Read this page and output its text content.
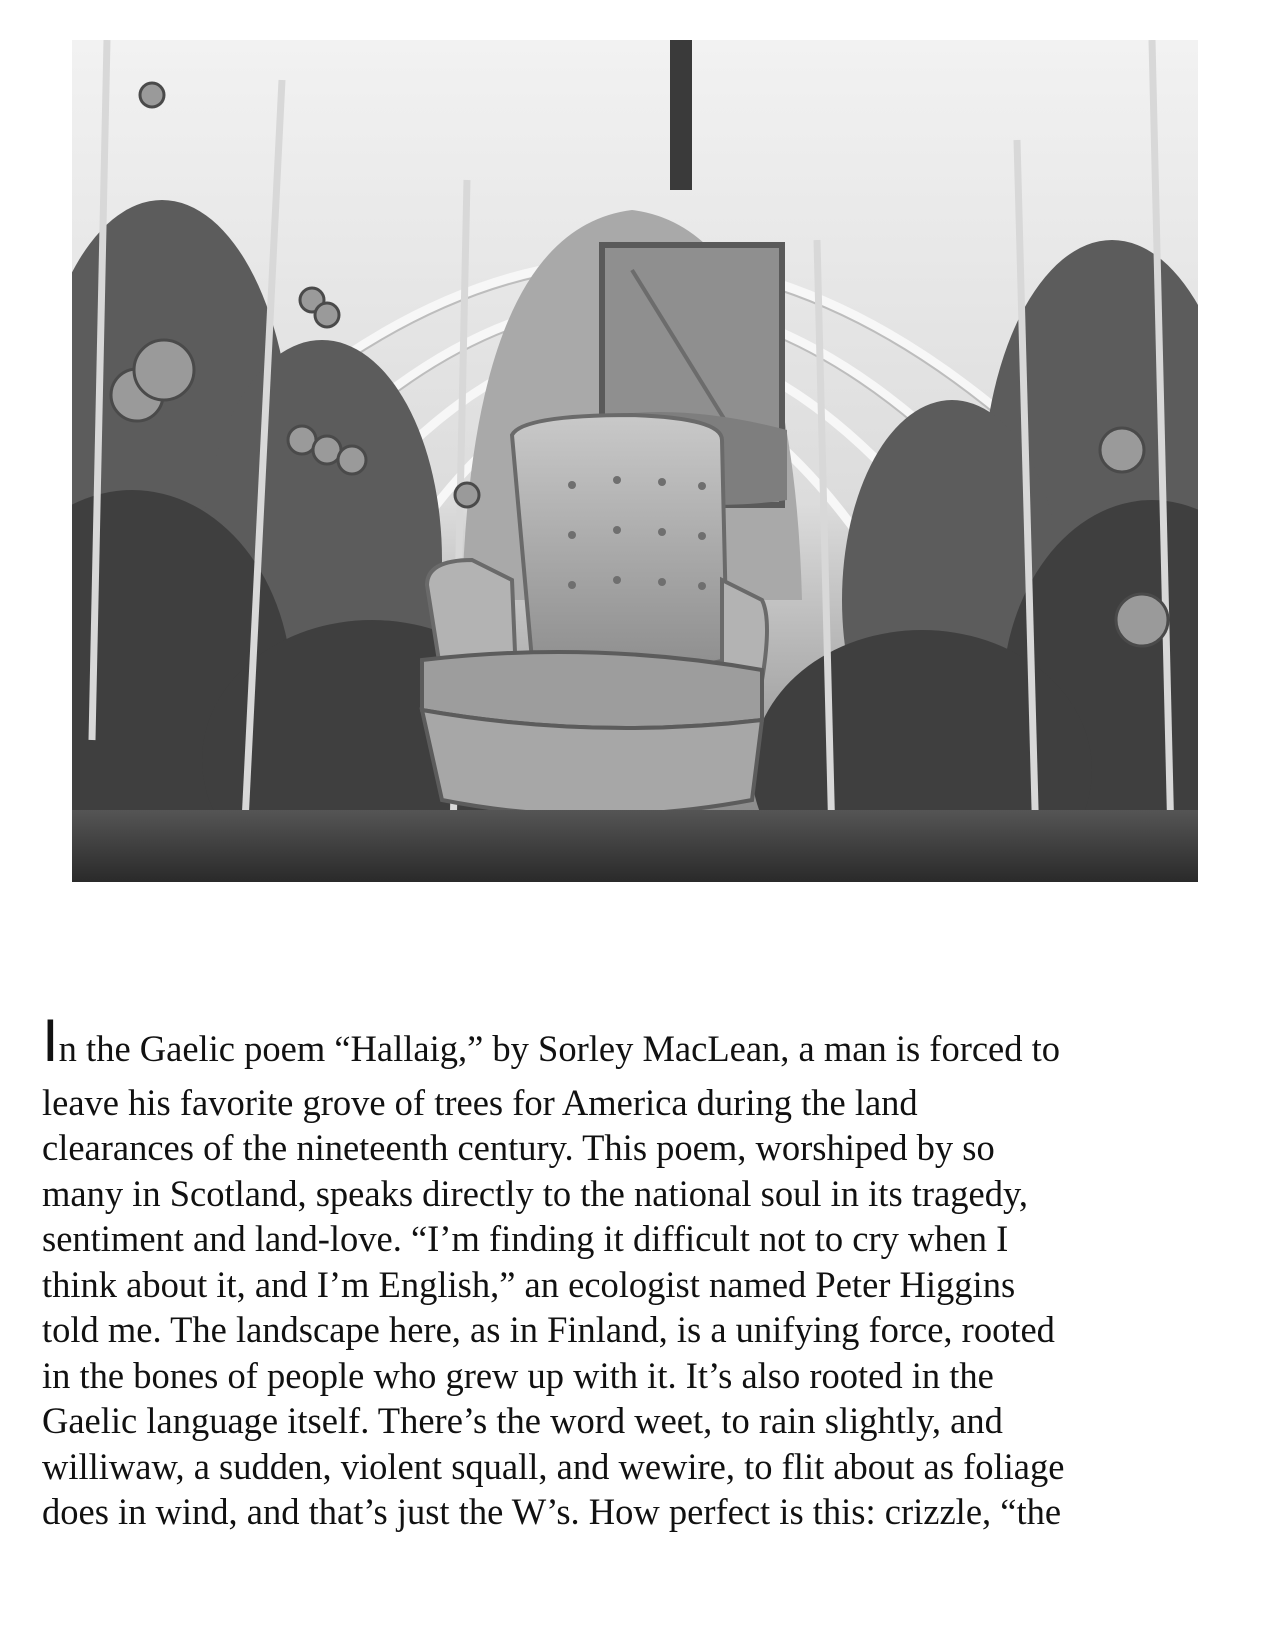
In the Gaelic poem “Hallaig,” by Sorley MacLean, a man is forced to
leave his favorite grove of trees for America during the land
clearances of the nineteenth century. This poem, worshiped by so
many in Scotland, speaks directly to the national soul in its tragedy,
sentiment and land-love. “I’m finding it difficult not to cry when I
think about it, and I’m English,” an ecologist named Peter Higgins
told me. The landscape here, as in Finland, is a unifying force, rooted
in the bones of people who grew up with it. It’s also rooted in the
Gaelic language itself. There’s the word weet, to rain slightly, and
williwaw, a sudden, violent squall, and wewire, to flit about as foliage
does in wind, and that’s just the W’s. How perfect is this: crizzle, “the
